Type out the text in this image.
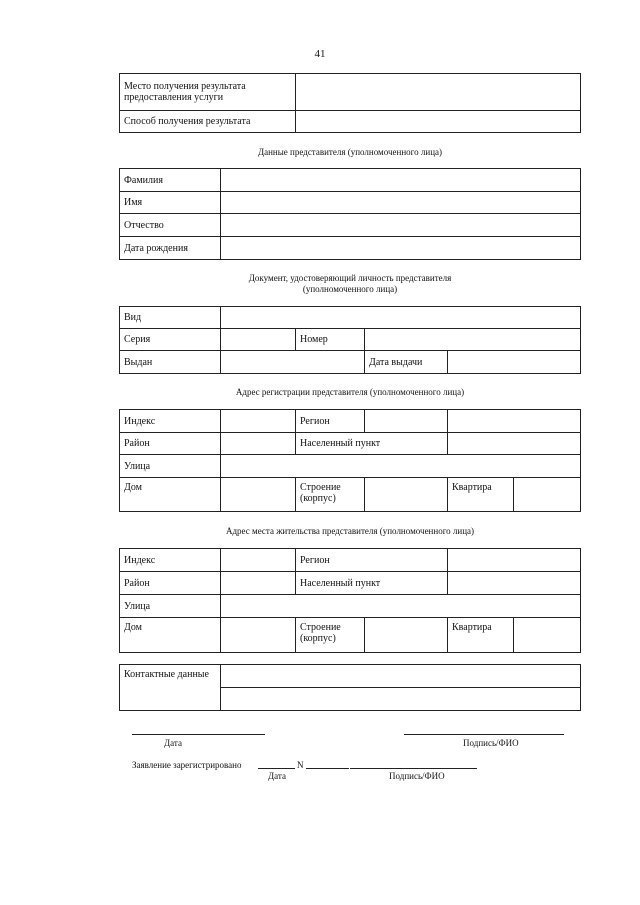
41
Место получения результата предоставления услуги	
Способ получения результата	
Данные представителя (уполномоченного лица)
Фамилия	
Имя	
Отчество	
Дата рождения	
Документ, удостоверяющий личность представителя
(уполномоченного лица)
Вид				
Серия		Номер		
Выдан			Дата выдачи	
Адрес регистрации представителя (уполномоченного лица)
Индекс		Регион			
Район		Населенный пункт			
Улица					
Дом		Строение (корпус)		Квартира	
Адрес места жительства представителя (уполномоченного лица)
Индекс		Регион			
Район		Населенный пункт			
Улица					
Дом		Строение (корпус)		Квартира	
Контактные данные	

Дата	Подпись/ФИО
Заявление зарегистрировано	N
Дата	Подпись/ФИО
